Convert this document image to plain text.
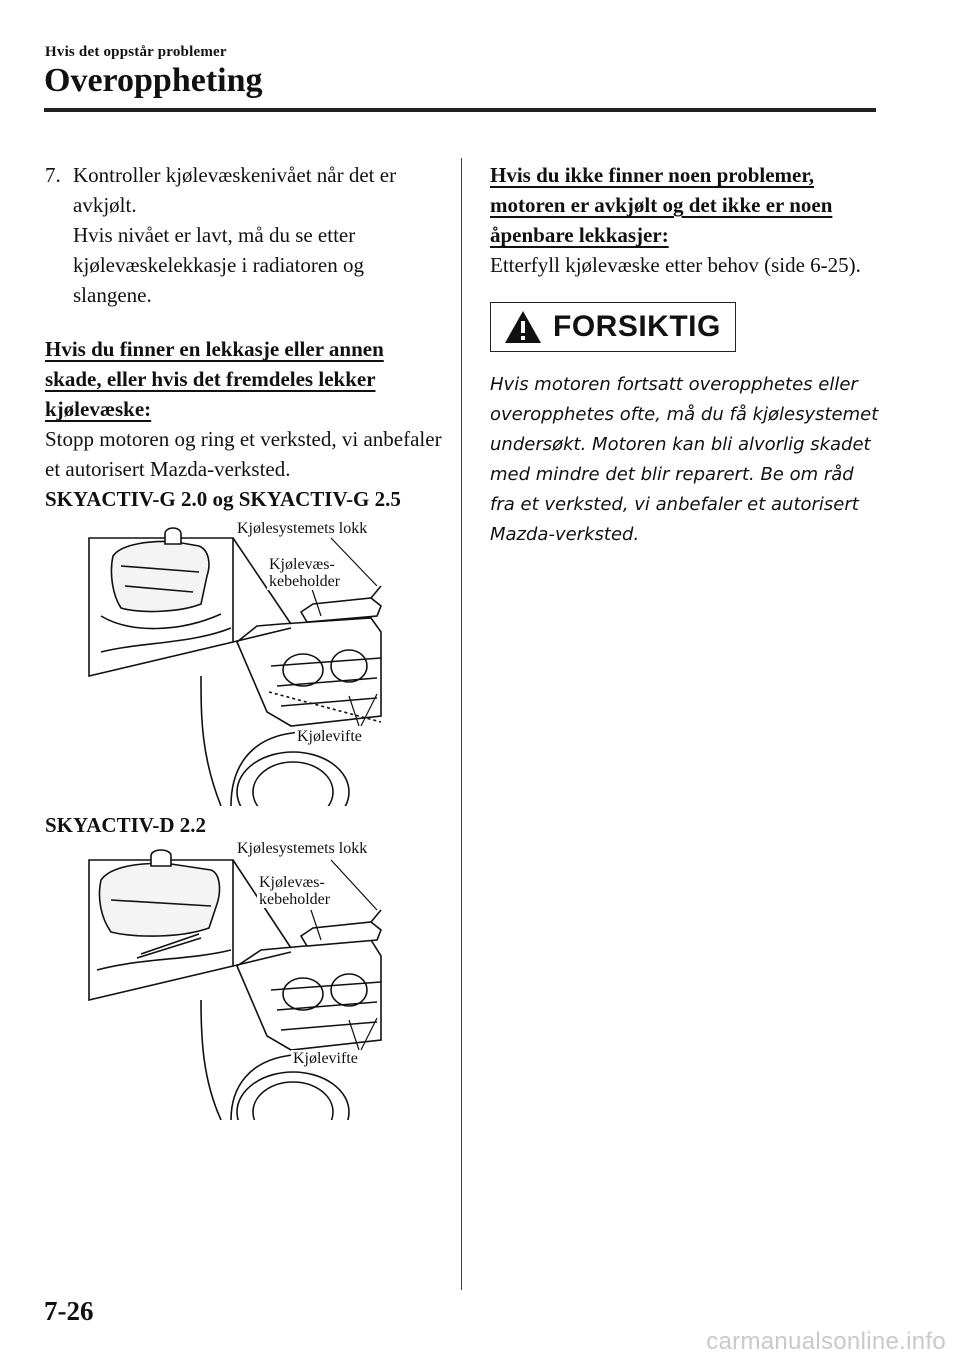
Hvis det oppstår problemer
Overoppheting
7. Kontroller kjølevæskenivået når det er avkjølt.

Hvis nivået er lavt, må du se etter kjølevæskelekkasje i radiatoren og slangene.

Hvis du finner en lekkasje eller annen skade, eller hvis det fremdeles lekker kjølevæske:

Stopp motoren og ring et verksted, vi anbefaler et autorisert Mazda-verksted.

SKYACTIV-G 2.0 og SKYACTIV-G 2.5

Kjølesystemets lokk
Kjølevæs-
kebeholder
Kjølevifte

SKYACTIV-D 2.2

Kjølesystemets lokk
Kjølevæs-
kebeholder
Kjølevifte
Hvis du ikke finner noen problemer, motoren er avkjølt og det ikke er noen åpenbare lekkasjer:

Etterfyll kjølevæske etter behov (side 6-25).

FORSIKTIG

Hvis motoren fortsatt overopphetes eller overopphetes ofte, må du få kjølesystemet undersøkt. Motoren kan bli alvorlig skadet med mindre det blir reparert. Be om råd fra et verksted, vi anbefaler et autorisert Mazda-verksted.

7-26
carmanualsonline.info
